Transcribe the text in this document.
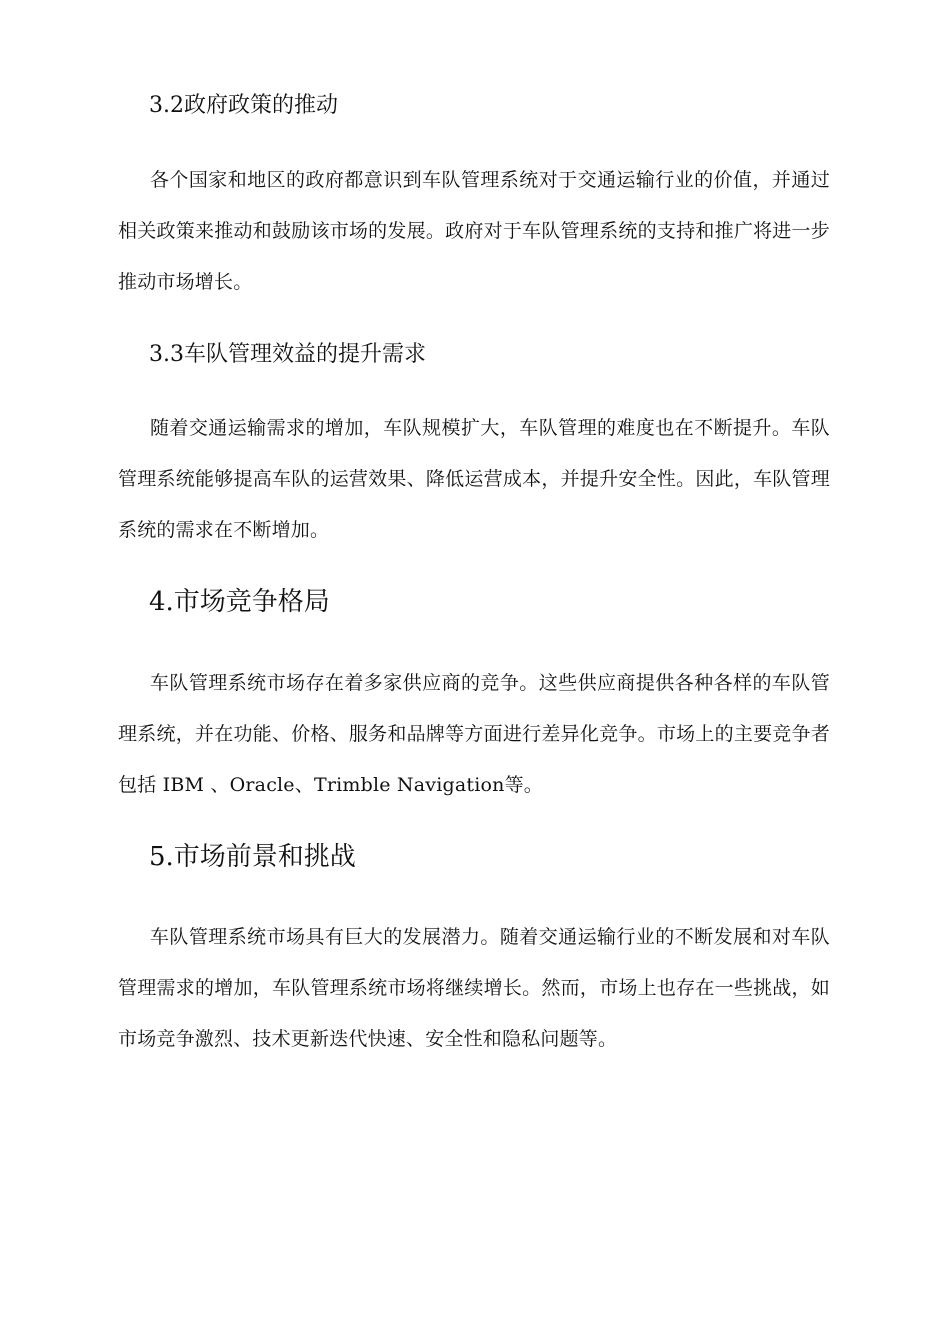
3.2政府政策的推动
各个国家和地区的政府都意识到车队管理系统对于交通运输行业的价值，并通过相关政策来推动和鼓励该市场的发展。政府对于车队管理系统的支持和推广将进一步推动市场增长。
3.3车队管理效益的提升需求
随着交通运输需求的增加，车队规模扩大，车队管理的难度也在不断提升。车队管理系统能够提高车队的运营效果、降低运营成本，并提升安全性。因此，车队管理系统的需求在不断增加。
4.市场竞争格局
车队管理系统市场存在着多家供应商的竞争。这些供应商提供各种各样的车队管理系统，并在功能、价格、服务和品牌等方面进行差异化竞争。市场上的主要竞争者包括 IBM 、Oracle、Trimble Navigation等。
5.市场前景和挑战
车队管理系统市场具有巨大的发展潜力。随着交通运输行业的不断发展和对车队管理需求的增加，车队管理系统市场将继续增长。然而，市场上也存在一些挑战，如市场竞争激烈、技术更新迭代快速、安全性和隐私问题等。
